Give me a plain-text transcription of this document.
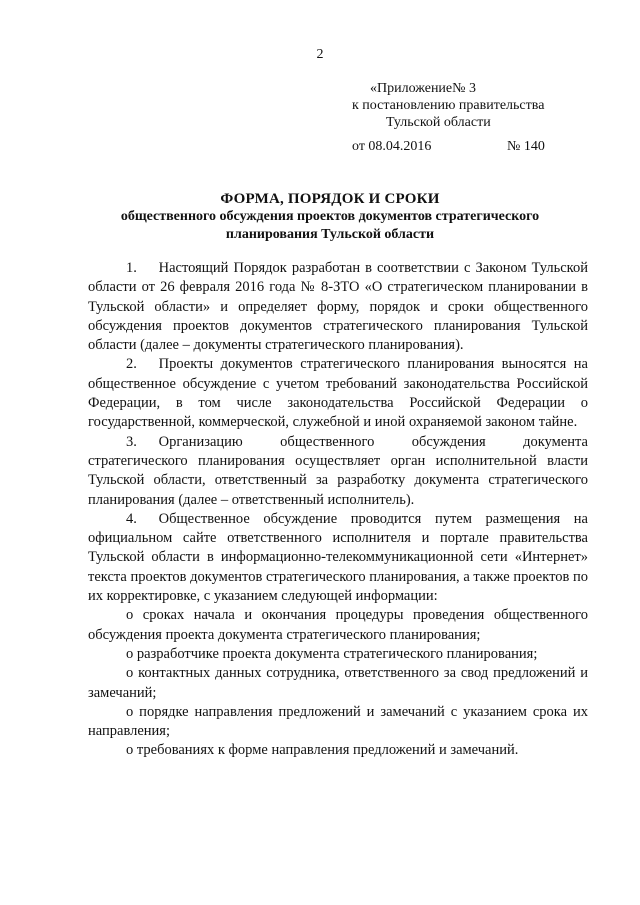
2
«Приложение№ 3
к постановлению правительства
Тульской области
от 08.04.2016	№ 140
ФОРМА, ПОРЯДОК И СРОКИ
общественного обсуждения проектов документов стратегического
планирования Тульской области

1.  Настоящий Порядок разработан в соответствии с Законом Тульской области от 26 февраля 2016 года № 8-ЗТО «О стратегическом планировании в Тульской области» и определяет форму, порядок и сроки общественного обсуждения проектов документов стратегического планирования Тульской области (далее – документы стратегического планирования).

2.  Проекты документов стратегического планирования выносятся на общественное обсуждение с учетом требований законодательства Российской Федерации, в том числе законодательства Российской Федерации о государственной, коммерческой, служебной и иной охраняемой законом тайне.

3.  Организацию общественного обсуждения документа стратегического планирования осуществляет орган исполнительной власти Тульской области, ответственный за разработку документа стратегического планирования (далее – ответственный исполнитель).

4.  Общественное обсуждение проводится путем размещения на официальном сайте ответственного исполнителя и портале правительства Тульской области в информационно-телекоммуникационной сети «Интернет» текста проектов документов стратегического планирования, а также проектов по их корректировке, с указанием следующей информации:

о сроках начала и окончания процедуры проведения общественного обсуждения проекта документа стратегического планирования;

о разработчике проекта документа стратегического планирования;

о контактных данных сотрудника, ответственного за свод предложений и замечаний;

о порядке направления предложений и замечаний с указанием срока их направления;

о требованиях к форме направления предложений и замечаний.
